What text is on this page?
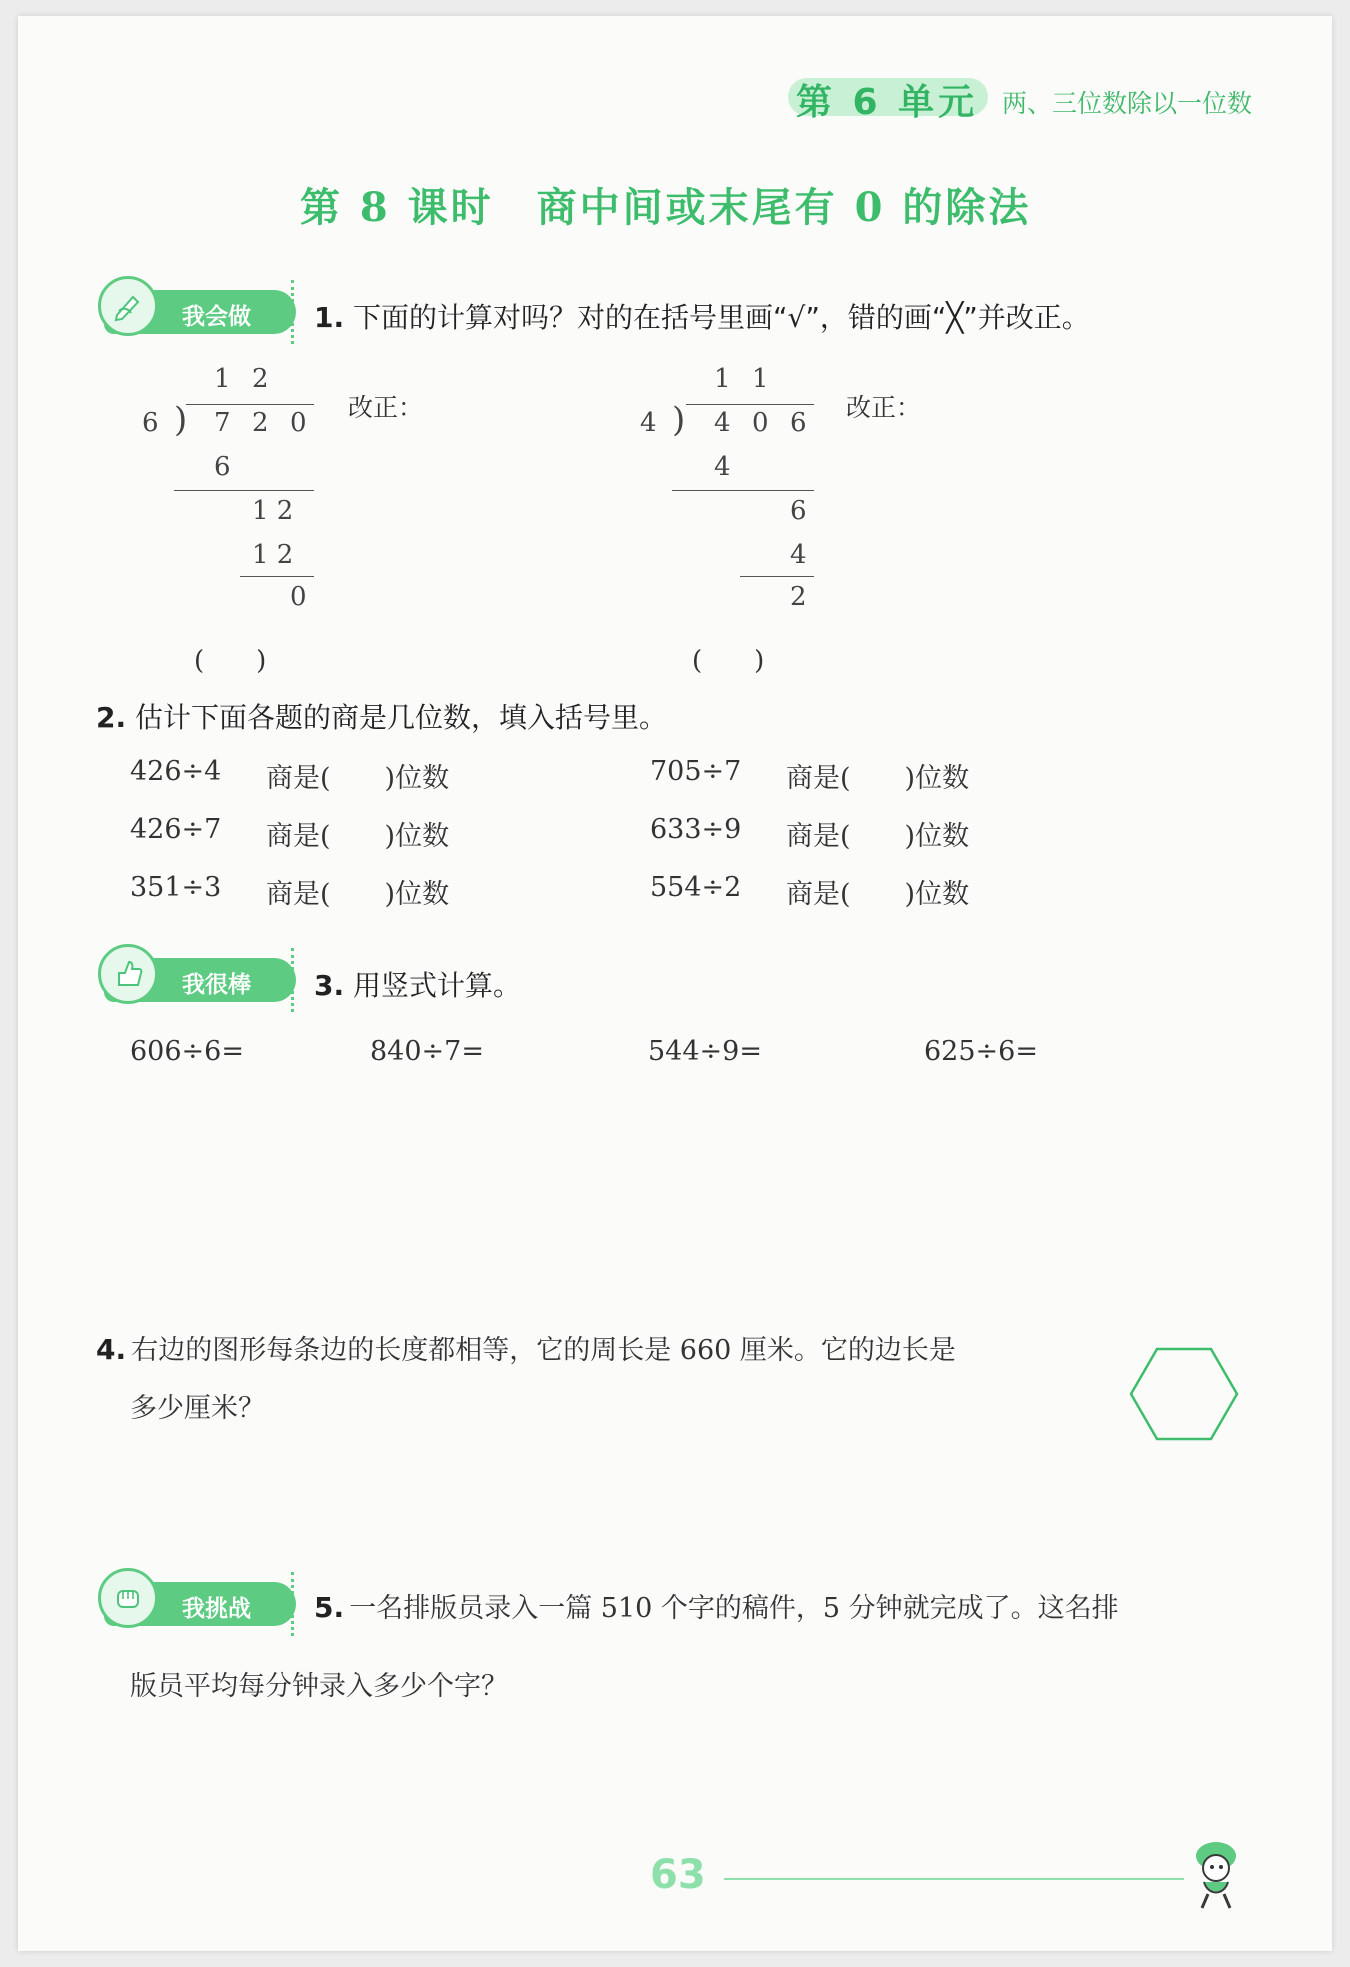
第 6 单元 两、三位数除以一位数
第 8 课时　商中间或末尾有 0 的除法
我会做 1. 下面的计算对吗？对的在括号里画“√”，错的画“╳”并改正。
1 2
6 ) 7 2 0
6
1 2
1 2
0
(　　)
改正：
1 1
4 ) 4 0 6
4
6
4
2
(　　)
改正：
2. 估计下面各题的商是几位数，填入括号里。
426÷4 商是(　　)位数	705÷7 商是(　　)位数
426÷7 商是(　　)位数	633÷9 商是(　　)位数
351÷3 商是(　　)位数	554÷2 商是(　　)位数
我很棒 3. 用竖式计算。
606÷6=	840÷7=	544÷9=	625÷6=
4. 右边的图形每条边的长度都相等，它的周长是 660 厘米。它的边长是
多少厘米？
我挑战 5. 一名排版员录入一篇 510 个字的稿件，5 分钟就完成了。这名排
版员平均每分钟录入多少个字？
63
